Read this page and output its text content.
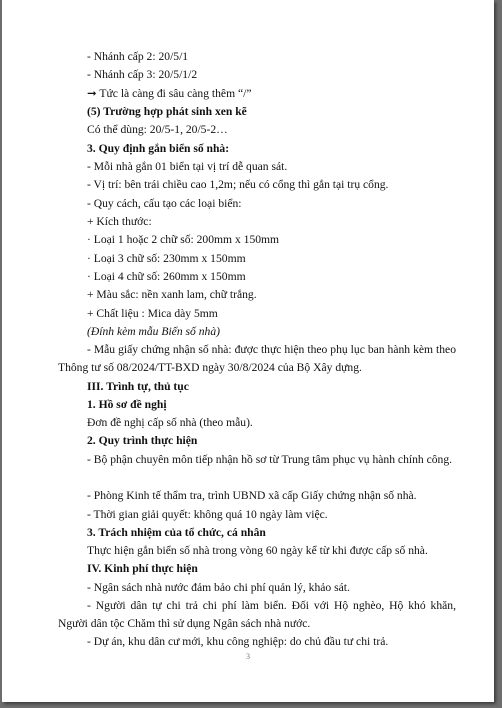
- Nhánh cấp 2: 20/5/1
- Nhánh cấp 3: 20/5/1/2
➞ Tức là càng đi sâu càng thêm “/”
(5) Trường hợp phát sinh xen kẽ
Có thể dùng: 20/5-1, 20/5-2…
3. Quy định gắn biển số nhà:
- Mỗi nhà gắn 01 biển tại vị trí dễ quan sát.
- Vị trí: bên trái chiều cao 1,2m; nếu có cổng thì gắn tại trụ cổng.
- Quy cách, cấu tạo các loại biển:
+ Kích thước:
· Loại 1 hoặc 2 chữ số: 200mm x 150mm
· Loại 3 chữ số: 230mm x 150mm
· Loại 4 chữ số: 260mm x 150mm
+ Màu sắc: nền xanh lam, chữ trắng.
+ Chất liệu : Mica dày 5mm
(Đính kèm mẫu Biển số nhà)
- Mẫu giấy chứng nhận số nhà: được thực hiện theo phụ lục ban hành kèm theo Thông tư số 08/2024/TT-BXD ngày 30/8/2024 của Bộ Xây dựng.
III. Trình tự, thủ tục
1. Hồ sơ đề nghị
Đơn đề nghị cấp số nhà (theo mẫu).
2. Quy trình thực hiện
- Bộ phận chuyên môn tiếp nhận hồ sơ từ Trung tâm phục vụ hành chính công.
- Phòng Kinh tế thẩm tra, trình UBND xã cấp Giấy chứng nhận số nhà.
- Thời gian giải quyết: không quá 10 ngày làm việc.
3. Trách nhiệm của tổ chức, cá nhân
Thực hiện gắn biển số nhà trong vòng 60 ngày kể từ khi được cấp số nhà.
IV. Kinh phí thực hiện
- Ngân sách nhà nước đảm bảo chi phí quản lý, khảo sát.
- Người dân tự chi trả chi phí làm biển. Đối với Hộ nghèo, Hộ khó khăn, Người dân tộc Chăm thì sử dụng Ngân sách nhà nước.
- Dự án, khu dân cư mới, khu công nghiệp: do chủ đầu tư chi trả.
3
